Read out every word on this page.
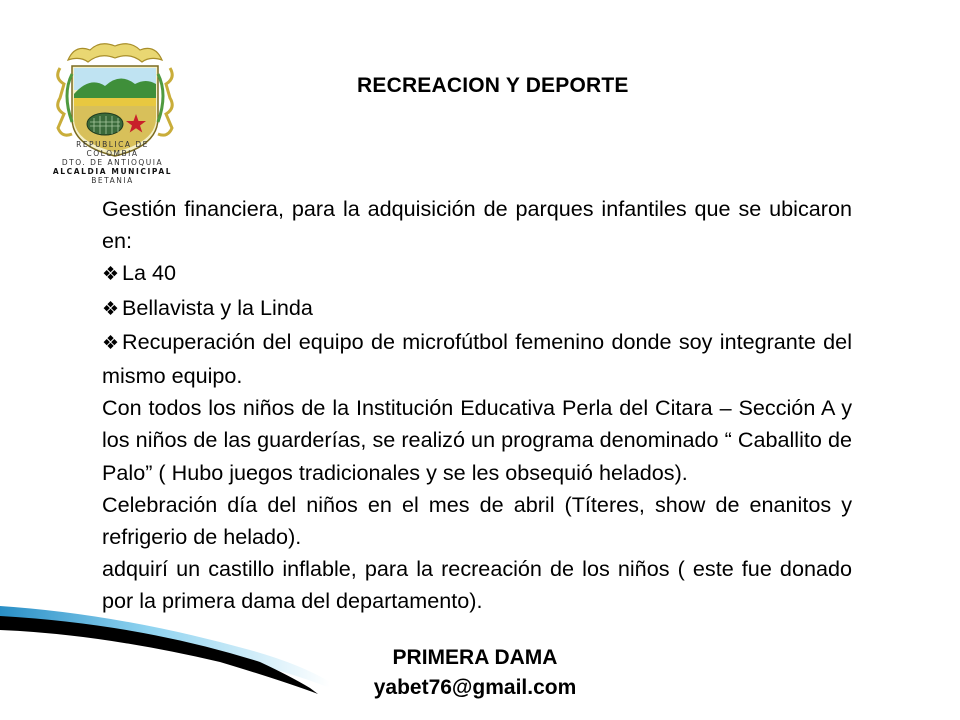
REPUBLICA DE
COLOMBIA
DTO. DE ANTIOQUIA
ALCALDIA MUNICIPAL
BETANIA
RECREACION Y DEPORTE

Gestión financiera, para la adquisición de parques infantiles que se ubicaron en:

❖ La 40
❖ Bellavista y la Linda

❖ Recuperación del equipo de microfútbol femenino donde soy integrante del mismo equipo.

Con todos los niños de la Institución Educativa Perla del Citara – Sección A y los niños de las guarderías, se realizó un programa denominado “ Caballito de Palo” ( Hubo juegos tradicionales y se les obsequió helados).

Celebración día del niños en el mes de abril (Títeres, show de enanitos y refrigerio de helado).

adquirí un castillo inflable, para la recreación de los niños ( este fue donado por la primera dama del departamento).

PRIMERA DAMA
yabet76@gmail.com
